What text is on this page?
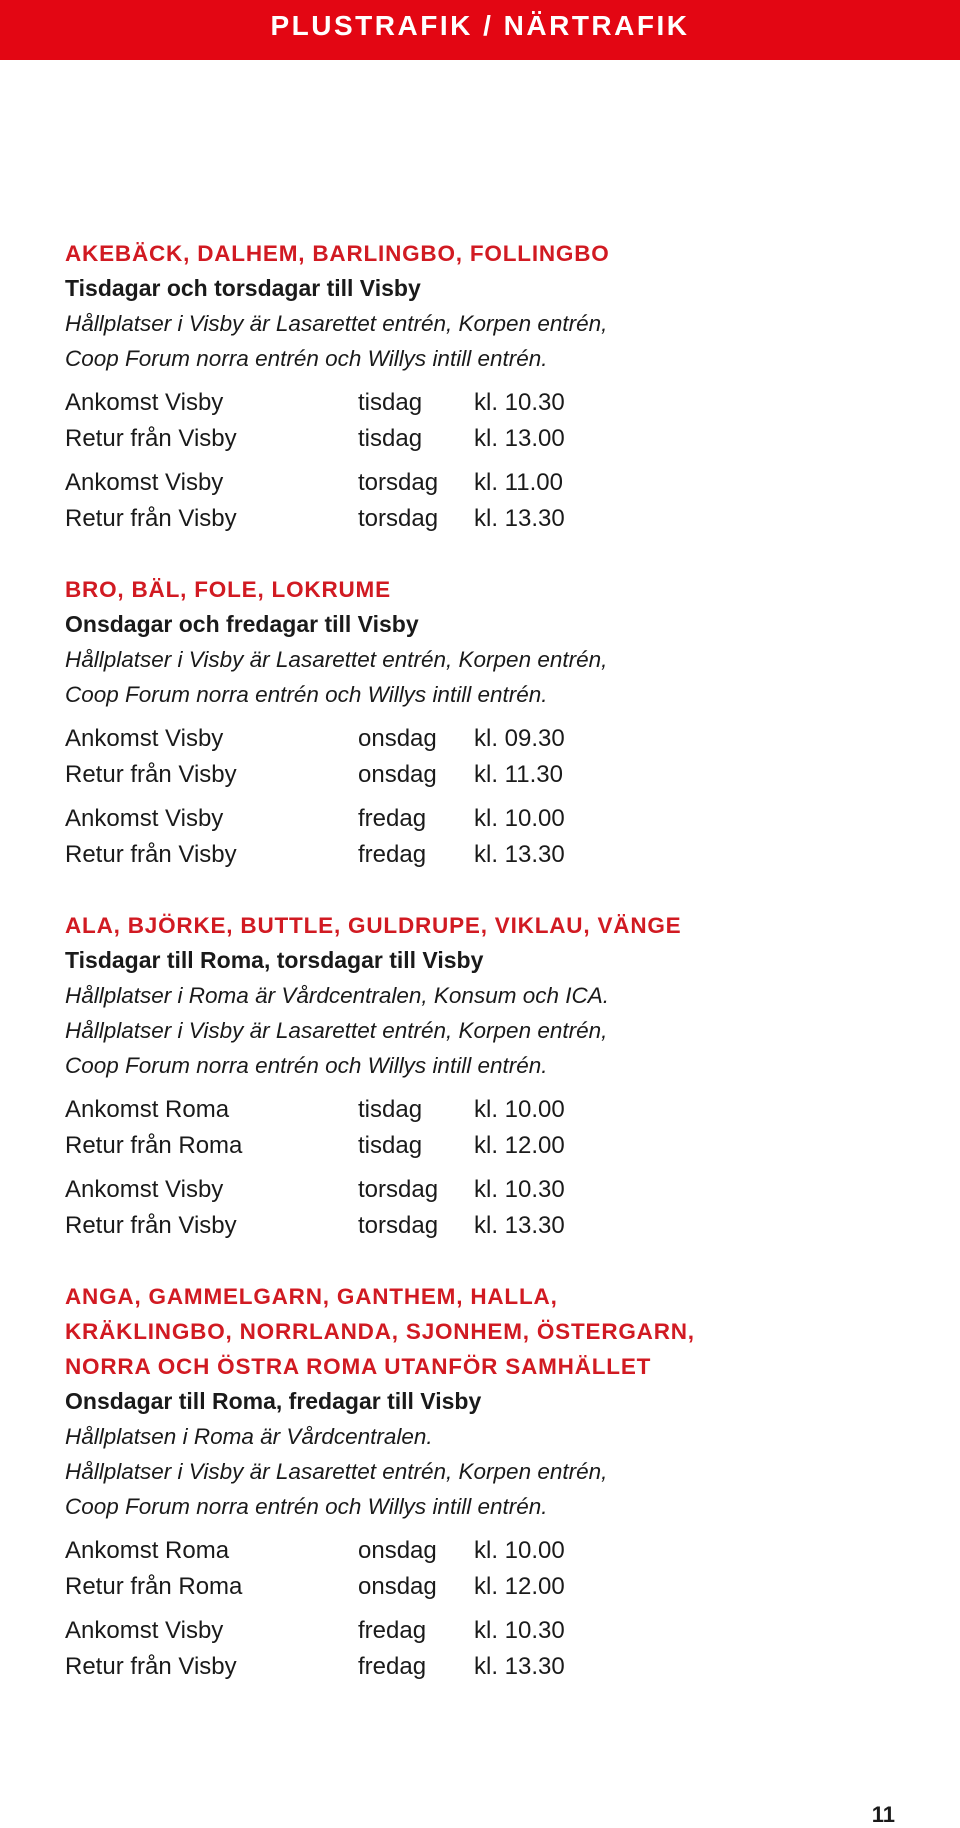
PLUSTRAFIK / NÄRTRAFIK
AKEBÄCK, DALHEM, BARLINGBO, FOLLINGBO
Tisdagar och torsdagar till Visby
Hållplatser i Visby är Lasarettet entrén, Korpen entrén,
Coop Forum norra entrén och Willys intill entrén.
Ankomst Visby	tisdag	kl. 10.30
Retur från Visby	tisdag	kl. 13.00
Ankomst Visby	torsdag	kl. 11.00
Retur från Visby	torsdag	kl. 13.30
BRO, BÄL, FOLE, LOKRUME
Onsdagar och fredagar till Visby
Hållplatser i Visby är Lasarettet entrén, Korpen entrén,
Coop Forum norra entrén och Willys intill entrén.
Ankomst Visby	onsdag	kl. 09.30
Retur från Visby	onsdag	kl. 11.30
Ankomst Visby	fredag	kl. 10.00
Retur från Visby	fredag	kl. 13.30
ALA, BJÖRKE, BUTTLE, GULDRUPE, VIKLAU, VÄNGE
Tisdagar till Roma, torsdagar till Visby
Hållplatser i Roma är Vårdcentralen, Konsum och ICA.
Hållplatser i Visby är Lasarettet entrén, Korpen entrén,
Coop Forum norra entrén och Willys intill entrén.
Ankomst Roma	tisdag	kl. 10.00
Retur från Roma	tisdag	kl. 12.00
Ankomst Visby	torsdag	kl. 10.30
Retur från Visby	torsdag	kl. 13.30
ANGA, GAMMELGARN, GANTHEM, HALLA,
KRÄKLINGBO, NORRLANDA, SJONHEM, ÖSTERGARN,
NORRA OCH ÖSTRA ROMA UTANFÖR SAMHÄLLET
Onsdagar till Roma, fredagar till Visby
Hållplatsen i Roma är Vårdcentralen.
Hållplatser i Visby är Lasarettet entrén, Korpen entrén,
Coop Forum norra entrén och Willys intill entrén.
Ankomst Roma	onsdag	kl. 10.00
Retur från Roma	onsdag	kl. 12.00
Ankomst Visby	fredag	kl. 10.30
Retur från Visby	fredag	kl. 13.30
11
